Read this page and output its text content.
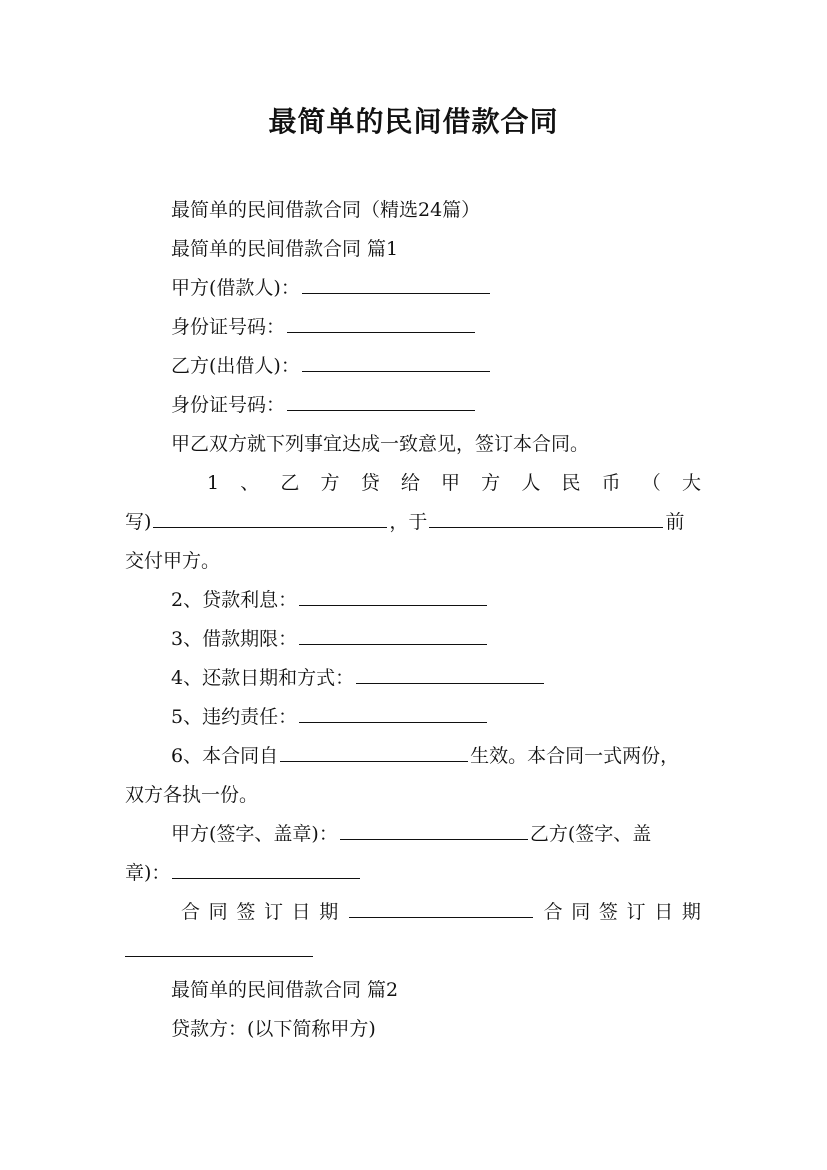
最简单的民间借款合同
最简单的民间借款合同（精选24篇）
最简单的民间借款合同 篇1
甲方(借款人)：
身份证号码：
乙方(出借人)：
身份证号码：
甲乙双方就下列事宜达成一致意见，签订本合同。
1 、 乙 方 贷 给 甲 方 人 民 币 （ 大
写)	，于	前
交付甲方。
2、贷款利息：
3、借款期限：
4、还款日期和方式：
5、违约责任：
6、本合同自	生效。本合同一式两份，
双方各执一份。
甲方(签字、盖章)：	乙方(签字、盖
章)：
合 同 签 订 日 期	合 同 签 订 日 期
最简单的民间借款合同 篇2
贷款方：(以下简称甲方)
